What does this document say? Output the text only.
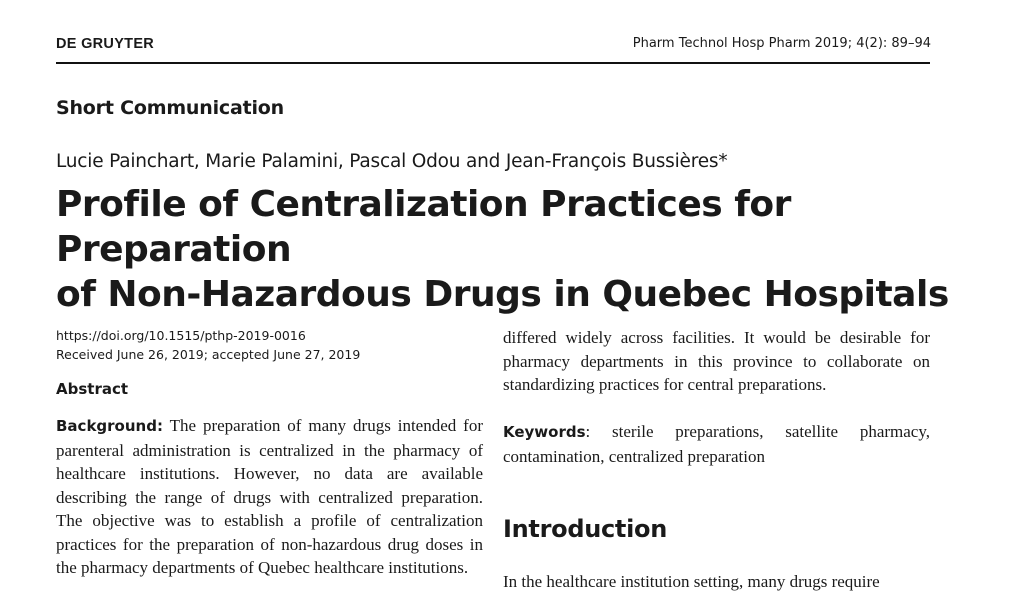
DE GRUYTER	Pharm Technol Hosp Pharm 2019; 4(2): 89–94
Short Communication
Lucie Painchart, Marie Palamini, Pascal Odou and Jean-François Bussières*
Profile of Centralization Practices for Preparation
of Non-Hazardous Drugs in Quebec Hospitals
https://doi.org/10.1515/pthp-2019-0016
Received June 26, 2019; accepted June 27, 2019
Abstract
Background: The preparation of many drugs intended for parenteral administration is centralized in the pharmacy of healthcare institutions. However, no data are available describing the range of drugs with centralized preparation. The objective was to establish a profile of centralization practices for the preparation of non-hazardous drug doses in the pharmacy departments of Quebec healthcare institutions.
differed widely across facilities. It would be desirable for pharmacy departments in this province to collaborate on standardizing practices for central preparations.
Keywords: sterile preparations, satellite pharmacy, contamination, centralized preparation
Introduction
In the healthcare institution setting, many drugs require
